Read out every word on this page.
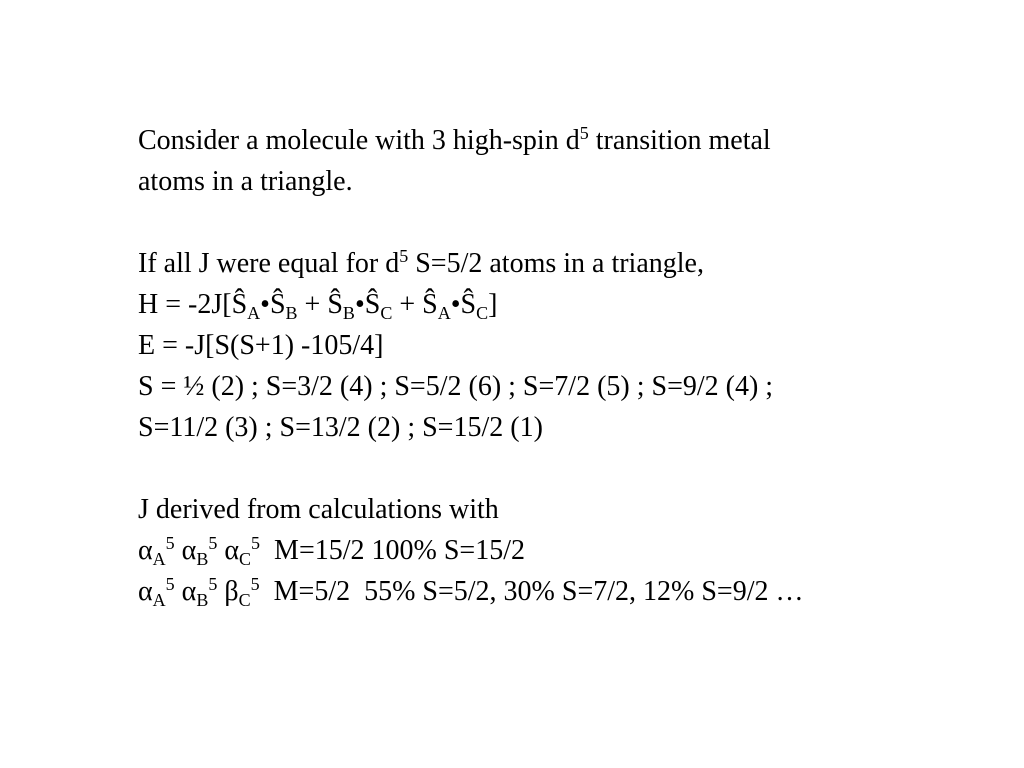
Consider a molecule with 3 high-spin $d^5$ transition metal
atoms in a triangle.
If all J were equal for $d^5$ S=5/2 atoms in a triangle,
$H = -2J[Ŝ_A•Ŝ_B$ + $Ŝ_B•Ŝ_C$ + $Ŝ_A•Ŝ_C$]
E = -J[S(S+1) -105/4]
S = ½ (2) ; S=3/2 (4) ; S=5/2 (6) ; S=7/2 (5) ; S=9/2 (4) ;
S=11/2 (3) ; S=13/2 (2) ; S=15/2 (1)
J derived from calculations with
$\alpha_A^5$ $\alpha_B^5$ $\alpha_C^5$  M=15/2 100% S=15/2
$\alpha_A^5$ $\alpha_B^5$ $\beta_C^5$  M=5/2  55% S=5/2, 30% S=7/2, 12% S=9/2 …
